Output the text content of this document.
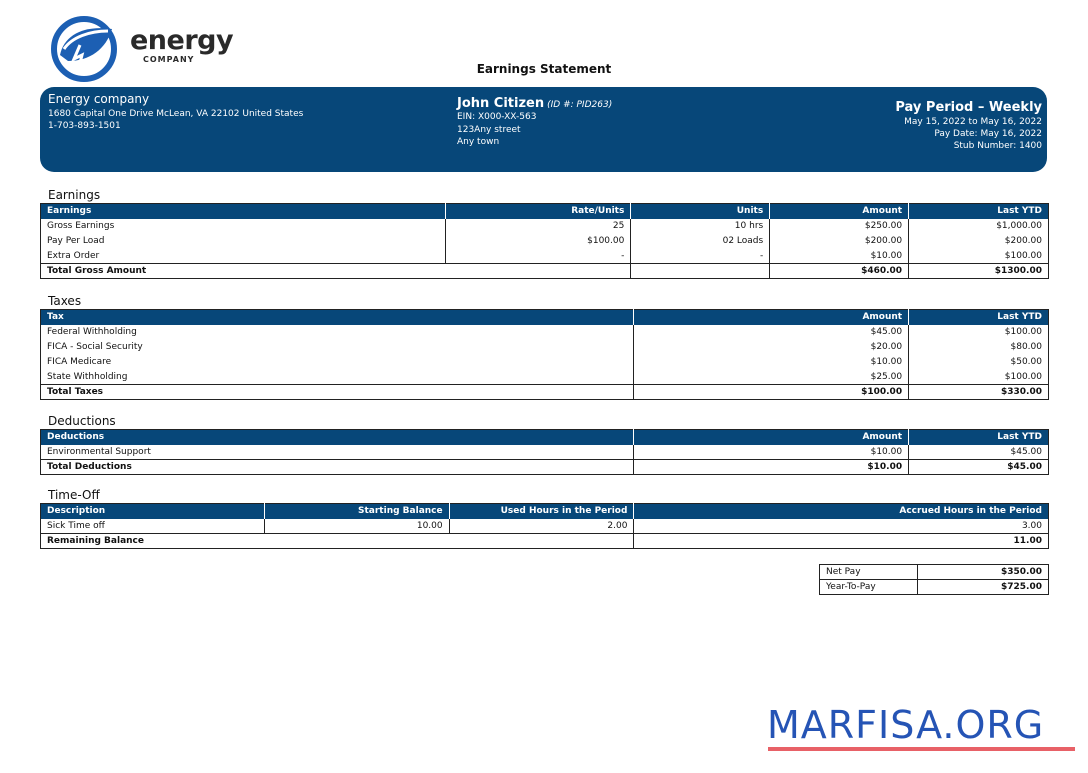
energy
COMPANY
Earnings Statement
Energy company
1680 Capital One Drive McLean, VA 22102 United States
1-703-893-1501
John Citizen (ID #: PID263)
EIN: X000-XX-563
123Any street
Any town
Pay Period – Weekly
May 15, 2022 to May 16, 2022
Pay Date: May 16, 2022
Stub Number: 1400
Earnings
Earnings	Rate/Units	Units	Amount	Last YTD
Gross Earnings	25	10 hrs	$250.00	$1,000.00
Pay Per Load	$100.00	02 Loads	$200.00	$200.00
Extra Order	-	-	$10.00	$100.00
Total Gross Amount			$460.00	$1300.00
Taxes
Tax	Amount	Last YTD
Federal Withholding	$45.00	$100.00
FICA - Social Security	$20.00	$80.00
FICA Medicare	$10.00	$50.00
State Withholding	$25.00	$100.00
Total Taxes	$100.00	$330.00
Deductions
Deductions	Amount	Last YTD
Environmental Support	$10.00	$45.00
Total Deductions	$10.00	$45.00
Time-Off
Description	Starting Balance	Used Hours in the Period	Accrued Hours in the Period
Sick Time off	10.00	2.00	3.00
Remaining Balance			11.00
Net Pay	$350.00
Year-To-Pay	$725.00
MARFISA.ORG
